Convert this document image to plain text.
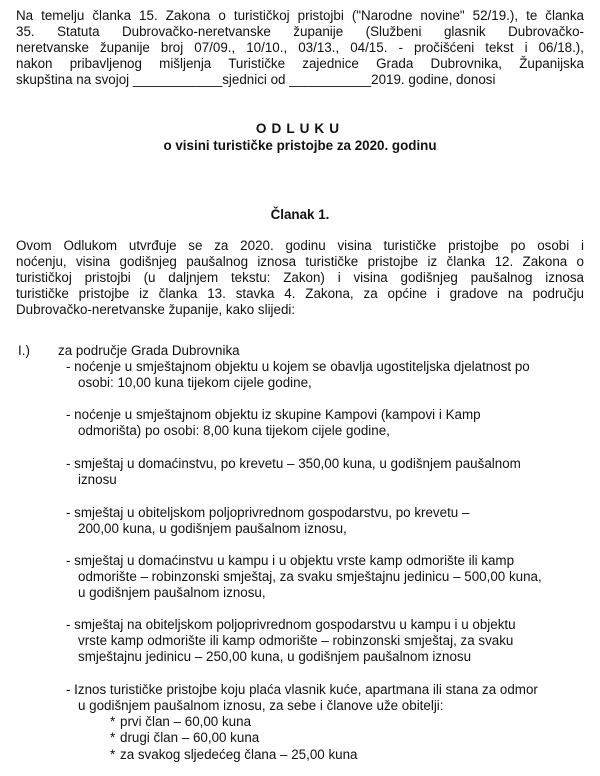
Na temelju članka 15. Zakona o turističkoj pristojbi ("Narodne novine" 52/19.), te članka
35. Statuta Dubrovačko-neretvanske županije (Službeni glasnik Dubrovačko-
neretvanske županije broj 07/09., 10/10., 03/13., 04/15. - pročišćeni tekst i 06/18.),
nakon pribavljenog mišljenja Turističke zajednice Grada Dubrovnika, Županijska
skupština na svojoj ____________sjednici od ___________2019. godine, donosi

ODLUKU

o visini turističke pristojbe za 2020. godinu

Članak 1.

Ovom Odlukom utvrđuje se za 2020. godinu visina turističke pristojbe po osobi i
noćenju, visina godišnjeg paušalnog iznosa turističke pristojbe iz članka 12. Zakona o
turističkoj pristojbi (u daljnjem tekstu: Zakon) i visina godišnjeg paušalnog iznosa
turističke pristojbe iz članka 13. stavka 4. Zakona, za općine i gradove na području
Dubrovačko-neretvanske županije, kako slijedi:

I.) za područje Grada Dubrovnika
- noćenje u smještajnom objektu u kojem se obavlja ugostiteljska djelatnost po
osobi: 10,00 kuna tijekom cijele godine,
- noćenje u smještajnom objektu iz skupine Kampovi (kampovi i Kamp
odmorišta) po osobi: 8,00 kuna tijekom cijele godine,
- smještaj u domaćinstvu, po krevetu – 350,00 kuna, u godišnjem paušalnom
iznosu
- smještaj u obiteljskom poljoprivrednom gospodarstvu, po krevetu –
200,00 kuna, u godišnjem paušalnom iznosu,
- smještaj u domaćinstvu u kampu i u objektu vrste kamp odmorište ili kamp
odmorište – robinzonski smještaj, za svaku smještajnu jedinicu – 500,00 kuna,
u godišnjem paušalnom iznosu,
- smještaj na obiteljskom poljoprivrednom gospodarstvu u kampu i u objektu
vrste kamp odmorište ili kamp odmorište – robinzonski smještaj, za svaku
smještajnu jedinicu – 250,00 kuna, u godišnjem paušalnom iznosu
- Iznos turističke pristojbe koju plaća vlasnik kuće, apartmana ili stana za odmor
u godišnjem paušalnom iznosu, za sebe i članove uže obitelji:
* prvi član – 60,00 kuna
* drugi član – 60,00 kuna
* za svakog sljedećeg člana – 25,00 kuna
